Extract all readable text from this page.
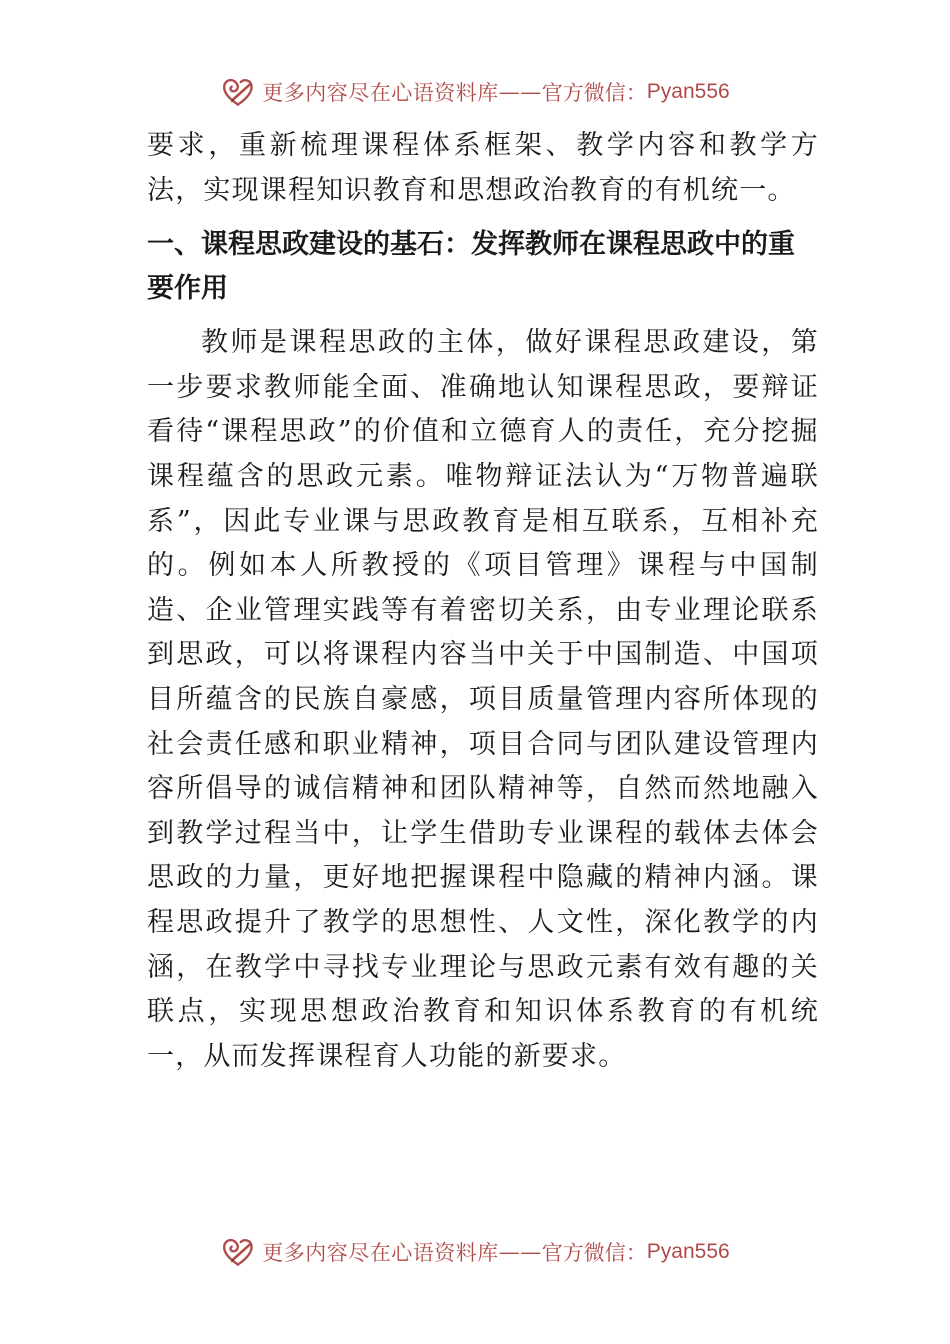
更多内容尽在心语资料库 —— 官方微信： Pyan556

要求，重新梳理课程体系框架、教学内容和教学方法，实现课程知识教育和思想政治教育的有机统一。

一、课程思政建设的基石：发挥教师在课程思政中的重要作用

教师是课程思政的主体，做好课程思政建设，第一步要求教师能全面、准确地认知课程思政，要辩证看待“课程思政”的价值和立德育人的责任，充分挖掘课程蕴含的思政元素。唯物辩证法认为“万物普遍联系”，因此专业课与思政教育是相互联系，互相补充的。例如本人所教授的《项目管理》课程与中国制造、企业管理实践等有着密切关系，由专业理论联系到思政，可以将课程内容当中关于中国制造、中国项目所蕴含的民族自豪感，项目质量管理内容所体现的社会责任感和职业精神，项目合同与团队建设管理内容所倡导的诚信精神和团队精神等，自然而然地融入到教学过程当中，让学生借助专业课程的载体去体会思政的力量，更好地把握课程中隐藏的精神内涵。课程思政提升了教学的思想性、人文性，深化教学的内涵，在教学中寻找专业理论与思政元素有效有趣的关联点，实现思想政治教育和知识体系教育的有机统一，从而发挥课程育人功能的新要求。

更多内容尽在心语资料库 —— 官方微信： Pyan556
